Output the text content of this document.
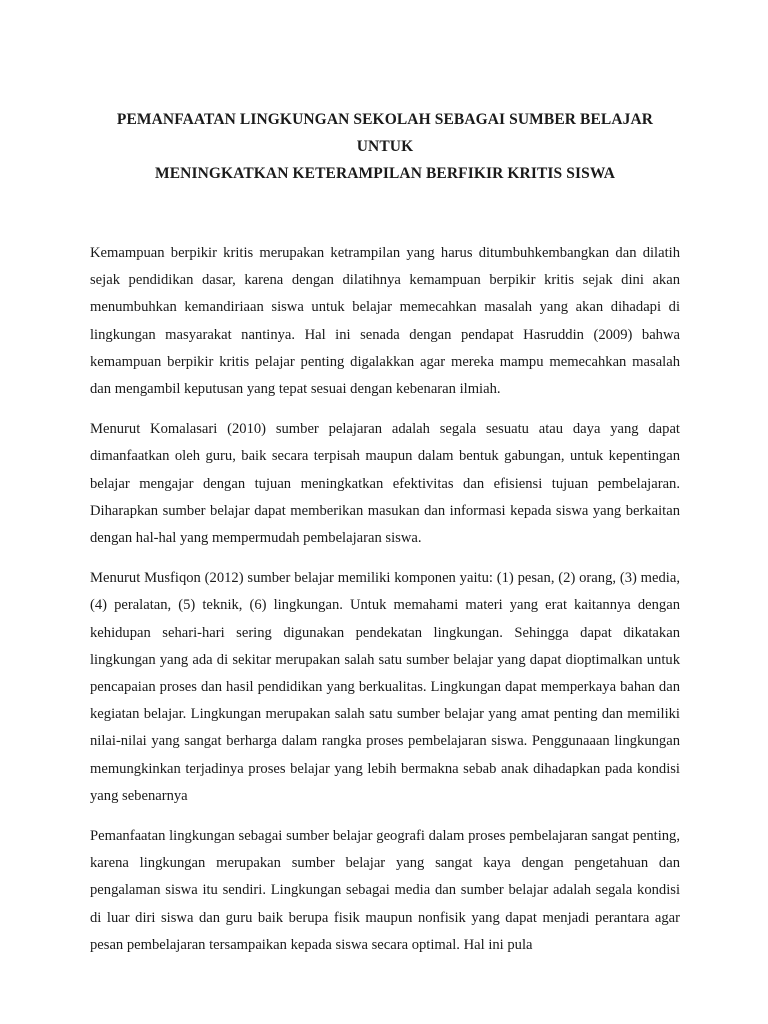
PEMANFAATAN LINGKUNGAN SEKOLAH SEBAGAI SUMBER BELAJAR UNTUK
MENINGKATKAN KETERAMPILAN BERFIKIR KRITIS SISWA

Kemampuan berpikir kritis merupakan ketrampilan yang harus ditumbuhkembangkan dan dilatih sejak pendidikan dasar, karena dengan dilatihnya kemampuan berpikir kritis sejak dini akan menumbuhkan kemandiriaan siswa untuk belajar memecahkan masalah yang akan dihadapi di lingkungan masyarakat nantinya. Hal ini senada dengan pendapat Hasruddin (2009) bahwa kemampuan berpikir kritis pelajar penting digalakkan agar mereka mampu memecahkan masalah dan mengambil keputusan yang tepat sesuai dengan kebenaran ilmiah.

Menurut Komalasari (2010) sumber pelajaran adalah segala sesuatu atau daya yang dapat dimanfaatkan oleh guru, baik secara terpisah maupun dalam bentuk gabungan, untuk kepentingan belajar mengajar dengan tujuan meningkatkan efektivitas dan efisiensi tujuan pembelajaran. Diharapkan sumber belajar dapat memberikan masukan dan informasi kepada siswa yang berkaitan dengan hal-hal yang mempermudah pembelajaran siswa.

Menurut Musfiqon (2012) sumber belajar memiliki komponen yaitu: (1) pesan, (2) orang, (3) media, (4) peralatan, (5) teknik, (6) lingkungan. Untuk memahami materi yang erat kaitannya dengan kehidupan sehari-hari sering digunakan pendekatan lingkungan. Sehingga dapat dikatakan lingkungan yang ada di sekitar merupakan salah satu sumber belajar yang dapat dioptimalkan untuk pencapaian proses dan hasil pendidikan yang berkualitas. Lingkungan dapat memperkaya bahan dan kegiatan belajar. Lingkungan merupakan salah satu sumber belajar yang amat penting dan memiliki nilai-nilai yang sangat berharga dalam rangka proses pembelajaran siswa. Penggunaaan lingkungan memungkinkan terjadinya proses belajar yang lebih bermakna sebab anak dihadapkan pada kondisi yang sebenarnya

Pemanfaatan lingkungan sebagai sumber belajar geografi dalam proses pembelajaran sangat penting, karena lingkungan merupakan sumber belajar yang sangat kaya dengan pengetahuan dan pengalaman siswa itu sendiri. Lingkungan sebagai media dan sumber belajar adalah segala kondisi di luar diri siswa dan guru baik berupa fisik maupun nonfisik yang dapat menjadi perantara agar pesan pembelajaran tersampaikan kepada siswa secara optimal. Hal ini pula
